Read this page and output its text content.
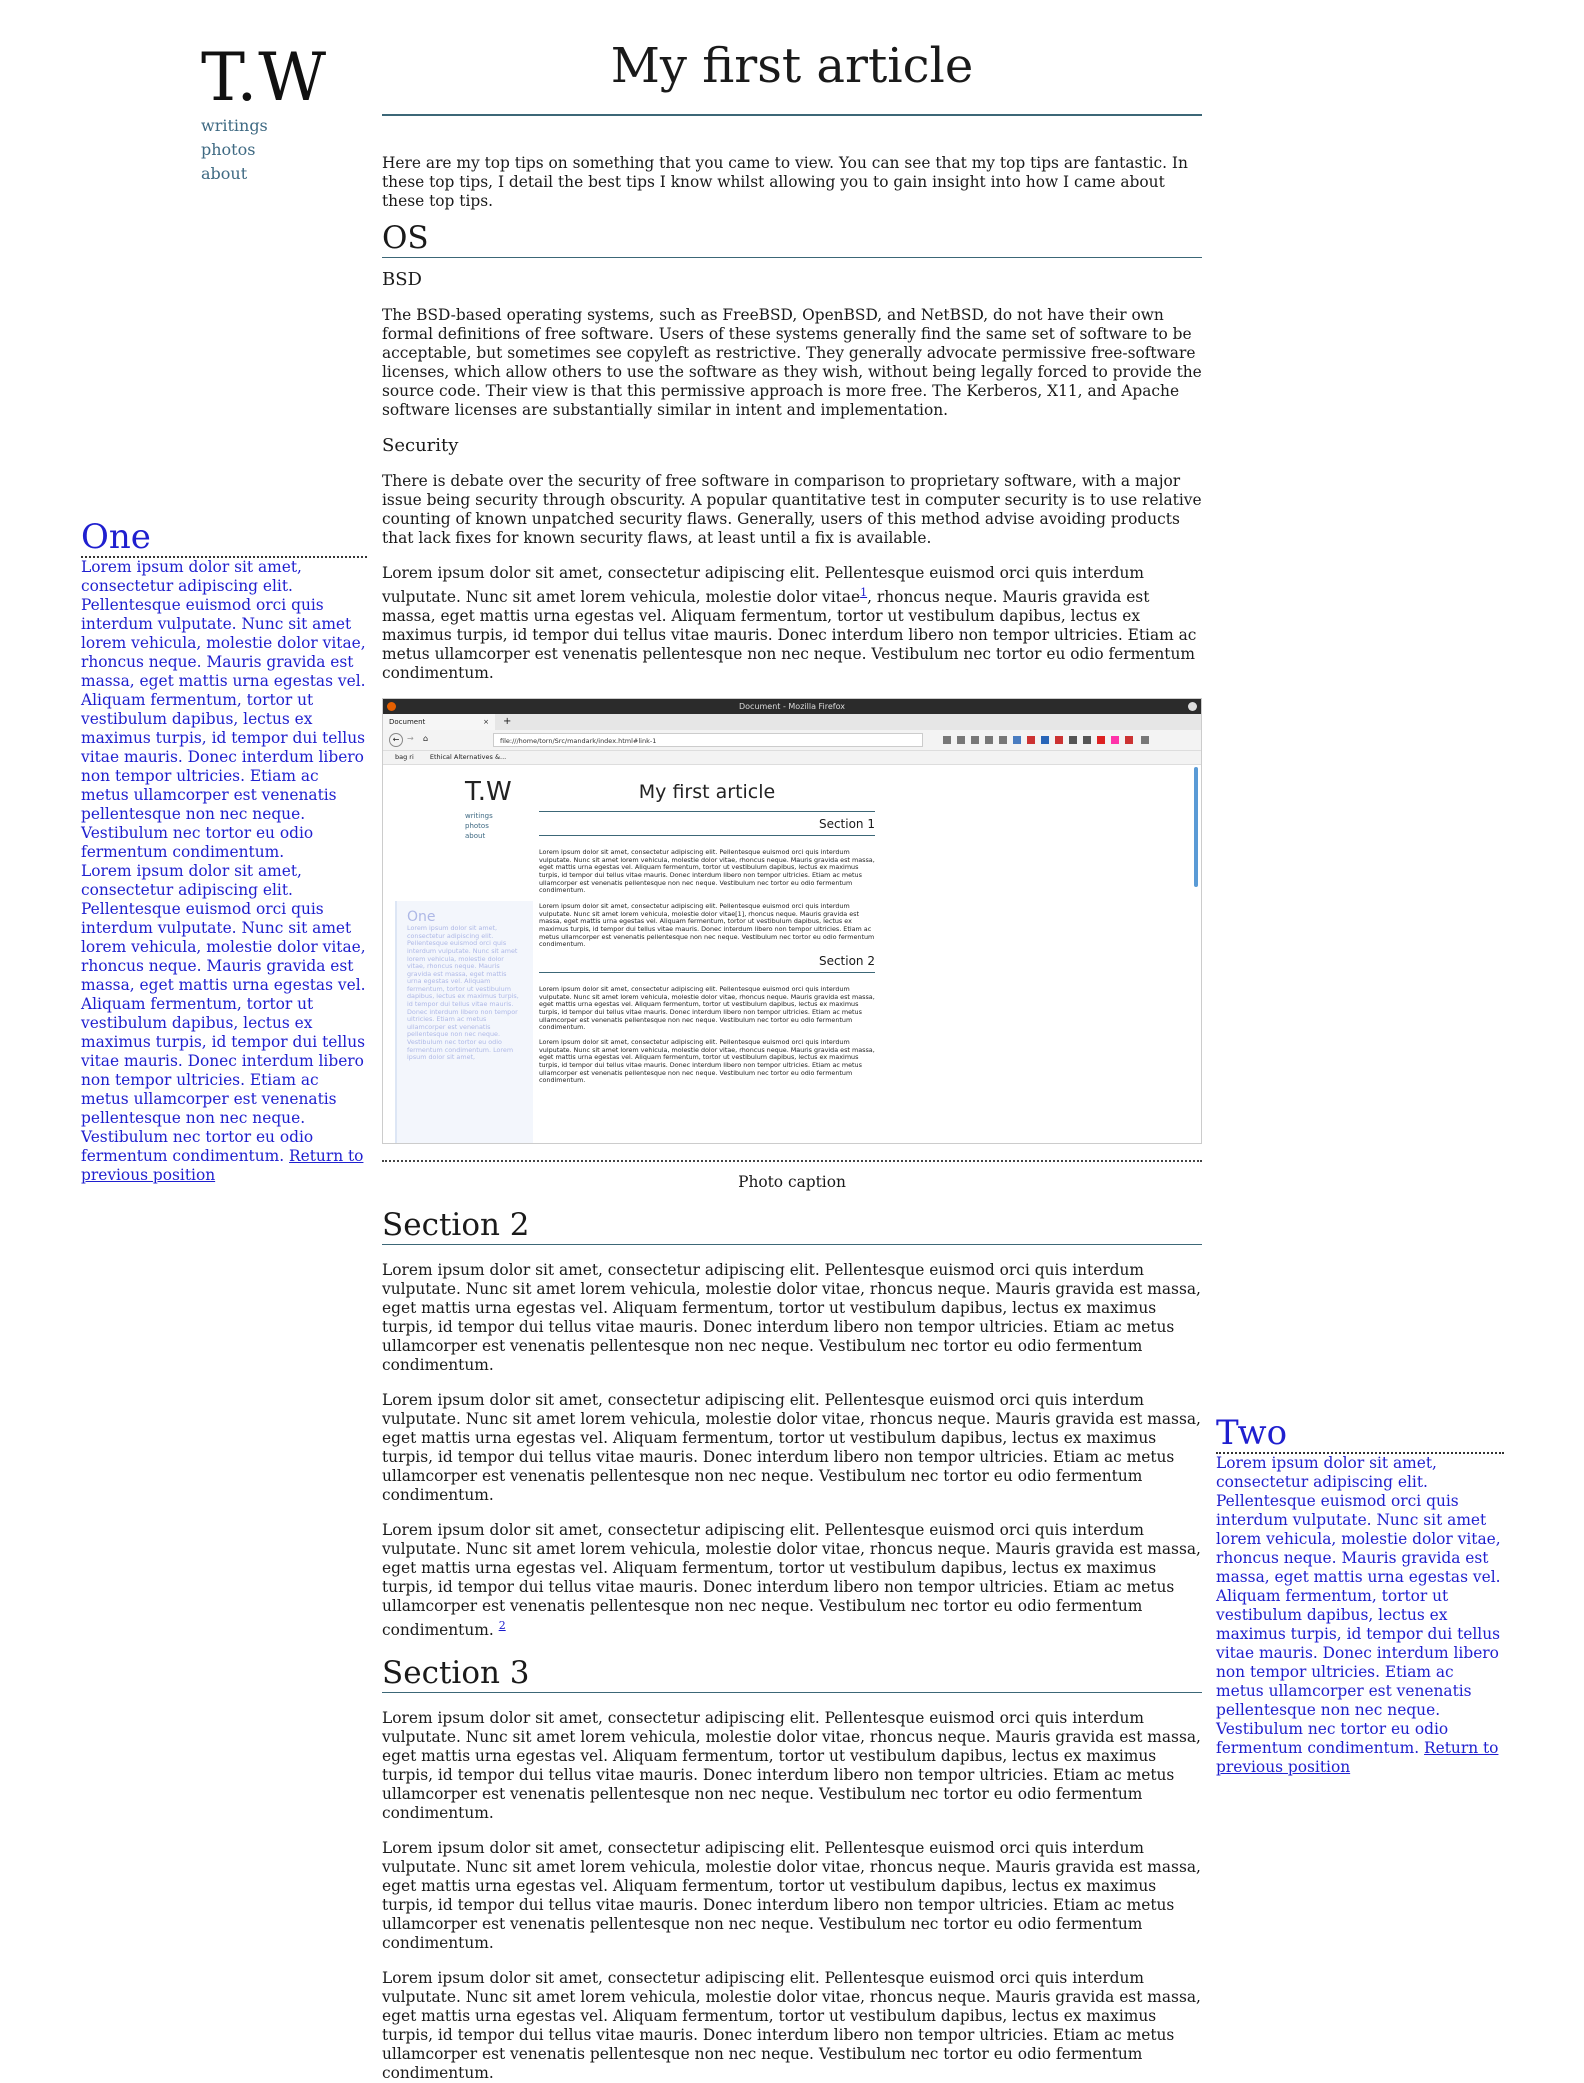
T.W
writings
photos
about
My first article

Here are my top tips on something that you came to view. You can see that my top tips are fantastic. In these top tips, I detail the best tips I know whilst allowing you to gain insight into how I came about these top tips.

OS
BSD

The BSD-based operating systems, such as FreeBSD, OpenBSD, and NetBSD, do not have their own formal definitions of free software. Users of these systems generally find the same set of software to be acceptable, but sometimes see copyleft as restrictive. They generally advocate permissive free-software licenses, which allow others to use the software as they wish, without being legally forced to provide the source code. Their view is that this permissive approach is more free. The Kerberos, X11, and Apache software licenses are substantially similar in intent and implementation.

Security

There is debate over the security of free software in comparison to proprietary software, with a major issue being security through obscurity. A popular quantitative test in computer security is to use relative counting of known unpatched security flaws. Generally, users of this method advise avoiding products that lack fixes for known security flaws, at least until a fix is available.

Lorem ipsum dolor sit amet, consectetur adipiscing elit. Pellentesque euismod orci quis interdum vulputate. Nunc sit amet lorem vehicula, molestie dolor vitae$^1$, rhoncus neque. Mauris gravida est massa, eget mattis urna egestas vel. Aliquam fermentum, tortor ut vestibulum dapibus, lectus ex maximus turpis, id tempor dui tellus vitae mauris. Donec interdum libero non tempor ultricies. Etiam ac metus ullamcorper est venenatis pellentesque non nec neque. Vestibulum nec tortor eu odio fermentum condimentum.

Document - Mozilla Firefox
Document	× +
← → ⌂	file:///home/torn/Src/mandark/index.html#link-1
bag ri Ethical Alternatives &...
T.W
writings
photos
about
My first article
Section 1
Lorem ipsum dolor sit amet, consectetur adipiscing elit. Pellentesque euismod orci quis interdum vulputate. Nunc sit amet lorem vehicula, molestie dolor vitae, rhoncus neque. Mauris gravida est massa, eget mattis urna egestas vel. Aliquam fermentum, tortor ut vestibulum dapibus, lectus ex maximus turpis, id tempor dui tellus vitae mauris. Donec interdum libero non tempor ultricies. Etiam ac metus ullamcorper est venenatis pellentesque non nec neque. Vestibulum nec tortor eu odio fermentum condimentum.
Lorem ipsum dolor sit amet, consectetur adipiscing elit. Pellentesque euismod orci quis interdum vulputate. Nunc sit amet lorem vehicula, molestie dolor vitae[1], rhoncus neque. Mauris gravida est massa, eget mattis urna egestas vel. Aliquam fermentum, tortor ut vestibulum dapibus, lectus ex maximus turpis, id tempor dui tellus vitae mauris. Donec interdum libero non tempor ultricies. Etiam ac metus ullamcorper est venenatis pellentesque non nec neque. Vestibulum nec tortor eu odio fermentum condimentum.
Section 2
Lorem ipsum dolor sit amet, consectetur adipiscing elit. Pellentesque euismod orci quis interdum vulputate. Nunc sit amet lorem vehicula, molestie dolor vitae, rhoncus neque. Mauris gravida est massa, eget mattis urna egestas vel. Aliquam fermentum, tortor ut vestibulum dapibus, lectus ex maximus turpis, id tempor dui tellus vitae mauris. Donec interdum libero non tempor ultricies. Etiam ac metus ullamcorper est venenatis pellentesque non nec neque. Vestibulum nec tortor eu odio fermentum condimentum.
Lorem ipsum dolor sit amet, consectetur adipiscing elit. Pellentesque euismod orci quis interdum vulputate. Nunc sit amet lorem vehicula, molestie dolor vitae, rhoncus neque. Mauris gravida est massa, eget mattis urna egestas vel. Aliquam fermentum, tortor ut vestibulum dapibus, lectus ex maximus turpis, id tempor dui tellus vitae mauris. Donec interdum libero non tempor ultricies. Etiam ac metus ullamcorper est venenatis pellentesque non nec neque. Vestibulum nec tortor eu odio fermentum condimentum.
One
Lorem ipsum dolor sit amet, consectetur adipiscing elit. Pellentesque euismod orci quis interdum vulputate. Nunc sit amet lorem vehicula, molestie dolor vitae, rhoncus neque. Mauris gravida est massa, eget mattis urna egestas vel. Aliquam fermentum, tortor ut vestibulum dapibus, lectus ex maximus turpis, id tempor dui tellus vitae mauris. Donec interdum libero non tempor ultricies. Etiam ac metus ullamcorper est venenatis pellentesque non nec neque. Vestibulum nec tortor eu odio fermentum condimentum. Lorem ipsum dolor sit amet,
Photo caption
Section 2

Lorem ipsum dolor sit amet, consectetur adipiscing elit. Pellentesque euismod orci quis interdum vulputate. Nunc sit amet lorem vehicula, molestie dolor vitae, rhoncus neque. Mauris gravida est massa, eget mattis urna egestas vel. Aliquam fermentum, tortor ut vestibulum dapibus, lectus ex maximus turpis, id tempor dui tellus vitae mauris. Donec interdum libero non tempor ultricies. Etiam ac metus ullamcorper est venenatis pellentesque non nec neque. Vestibulum nec tortor eu odio fermentum condimentum.

Lorem ipsum dolor sit amet, consectetur adipiscing elit. Pellentesque euismod orci quis interdum vulputate. Nunc sit amet lorem vehicula, molestie dolor vitae, rhoncus neque. Mauris gravida est massa, eget mattis urna egestas vel. Aliquam fermentum, tortor ut vestibulum dapibus, lectus ex maximus turpis, id tempor dui tellus vitae mauris. Donec interdum libero non tempor ultricies. Etiam ac metus ullamcorper est venenatis pellentesque non nec neque. Vestibulum nec tortor eu odio fermentum condimentum.

Lorem ipsum dolor sit amet, consectetur adipiscing elit. Pellentesque euismod orci quis interdum vulputate. Nunc sit amet lorem vehicula, molestie dolor vitae, rhoncus neque. Mauris gravida est massa, eget mattis urna egestas vel. Aliquam fermentum, tortor ut vestibulum dapibus, lectus ex maximus turpis, id tempor dui tellus vitae mauris. Donec interdum libero non tempor ultricies. Etiam ac metus ullamcorper est venenatis pellentesque non nec neque. Vestibulum nec tortor eu odio fermentum condimentum. $^2$

Section 3

Lorem ipsum dolor sit amet, consectetur adipiscing elit. Pellentesque euismod orci quis interdum vulputate. Nunc sit amet lorem vehicula, molestie dolor vitae, rhoncus neque. Mauris gravida est massa, eget mattis urna egestas vel. Aliquam fermentum, tortor ut vestibulum dapibus, lectus ex maximus turpis, id tempor dui tellus vitae mauris. Donec interdum libero non tempor ultricies. Etiam ac metus ullamcorper est venenatis pellentesque non nec neque. Vestibulum nec tortor eu odio fermentum condimentum.

Lorem ipsum dolor sit amet, consectetur adipiscing elit. Pellentesque euismod orci quis interdum vulputate. Nunc sit amet lorem vehicula, molestie dolor vitae, rhoncus neque. Mauris gravida est massa, eget mattis urna egestas vel. Aliquam fermentum, tortor ut vestibulum dapibus, lectus ex maximus turpis, id tempor dui tellus vitae mauris. Donec interdum libero non tempor ultricies. Etiam ac metus ullamcorper est venenatis pellentesque non nec neque. Vestibulum nec tortor eu odio fermentum condimentum.

Lorem ipsum dolor sit amet, consectetur adipiscing elit. Pellentesque euismod orci quis interdum vulputate. Nunc sit amet lorem vehicula, molestie dolor vitae, rhoncus neque. Mauris gravida est massa, eget mattis urna egestas vel. Aliquam fermentum, tortor ut vestibulum dapibus, lectus ex maximus turpis, id tempor dui tellus vitae mauris. Donec interdum libero non tempor ultricies. Etiam ac metus ullamcorper est venenatis pellentesque non nec neque. Vestibulum nec tortor eu odio fermentum condimentum.

One

Lorem ipsum dolor sit amet, consectetur adipiscing elit. Pellentesque euismod orci quis interdum vulputate. Nunc sit amet lorem vehicula, molestie dolor vitae, rhoncus neque. Mauris gravida est massa, eget mattis urna egestas vel. Aliquam fermentum, tortor ut vestibulum dapibus, lectus ex maximus turpis, id tempor dui tellus vitae mauris. Donec interdum libero non tempor ultricies. Etiam ac metus ullamcorper est venenatis pellentesque non nec neque. Vestibulum nec tortor eu odio fermentum condimentum.

Lorem ipsum dolor sit amet, consectetur adipiscing elit. Pellentesque euismod orci quis interdum vulputate. Nunc sit amet lorem vehicula, molestie dolor vitae, rhoncus neque. Mauris gravida est massa, eget mattis urna egestas vel. Aliquam fermentum, tortor ut vestibulum dapibus, lectus ex maximus turpis, id tempor dui tellus vitae mauris. Donec interdum libero non tempor ultricies. Etiam ac metus ullamcorper est venenatis pellentesque non nec neque. Vestibulum nec tortor eu odio fermentum condimentum. Return to previous position

Two

Lorem ipsum dolor sit amet, consectetur adipiscing elit. Pellentesque euismod orci quis interdum vulputate. Nunc sit amet lorem vehicula, molestie dolor vitae, rhoncus neque. Mauris gravida est massa, eget mattis urna egestas vel. Aliquam fermentum, tortor ut vestibulum dapibus, lectus ex maximus turpis, id tempor dui tellus vitae mauris. Donec interdum libero non tempor ultricies. Etiam ac metus ullamcorper est venenatis pellentesque non nec neque. Vestibulum nec tortor eu odio fermentum condimentum. Return to previous position
